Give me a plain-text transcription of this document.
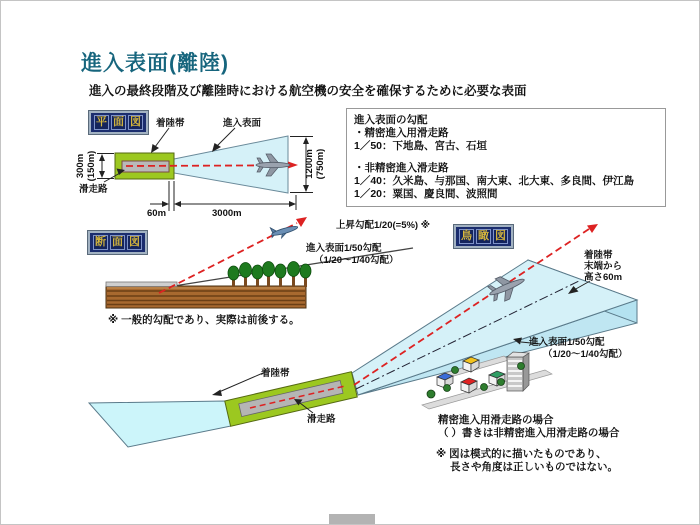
進入表面(離陸)
進入の最終段階及び離陸時における航空機の安全を確保するために必要な表面
進入表面の勾配
・精密進入用滑走路
1／50：下地島、宮古、石垣
・非精密進入滑走路
1／40：久米島、与那国、南大東、北大東、多良間、伊江島
1／20：粟国、慶良間、波照間
平 面 図
断 面 図	鳥 瞰 図
着陸帯	進入表面
滑走路
300m (150m)	1200m (750m)
60m	3000m
上昇勾配1/20(=5%) ※
進入表面1/50勾配
（1/20～1/40勾配）
※ 一般的勾配であり、実際は前後する。
着陸帯
末端から
高さ60m
着陸帯
滑走路
進入表面1/50勾配
（1/20～1/40勾配）
精密進入用滑走路の場合
（ ）書きは非精密進入用滑走路の場合
※ 図は模式的に描いたものであり、
長さや角度は正しいものではない。
